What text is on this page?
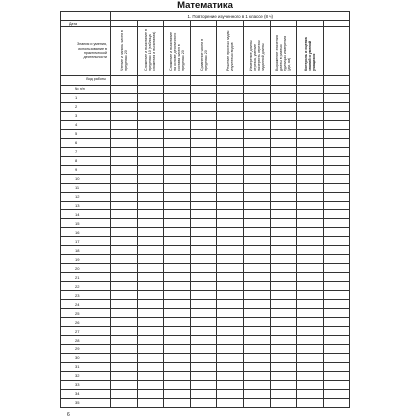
Математика
	1. Повторение изученного в 1 классе (8 ч)								
Дата									
Знания и умения, использование в практической деятельности	Чтение и запись чисел в пределах 20	Сложение и вычитание в пределах 10 (таблица сложения и вычитания)	Сложение и вычитание на основе десятичного состава чисел в пределах 20	Сравнение чисел в пределах 20	Решение простых задач изученных видов	Измерение длины отрезка, умение начертить отрезок заданной длины	Выражение значения длины в разных единицах измерения (дм, см)	Контроль и оценка знаний и умений учащихся	

Вид работы									
№ п/п									
1									
2									
3									
4									
5									
6									
7									
8									
9									
10									
11									
12									
13									
14									
15									
16									
17									
18									
19									
20									
21									
22									
23									
24									
25									
26									
27									
28									
29									
30									
31									
32									
33									
34									
35									
6
